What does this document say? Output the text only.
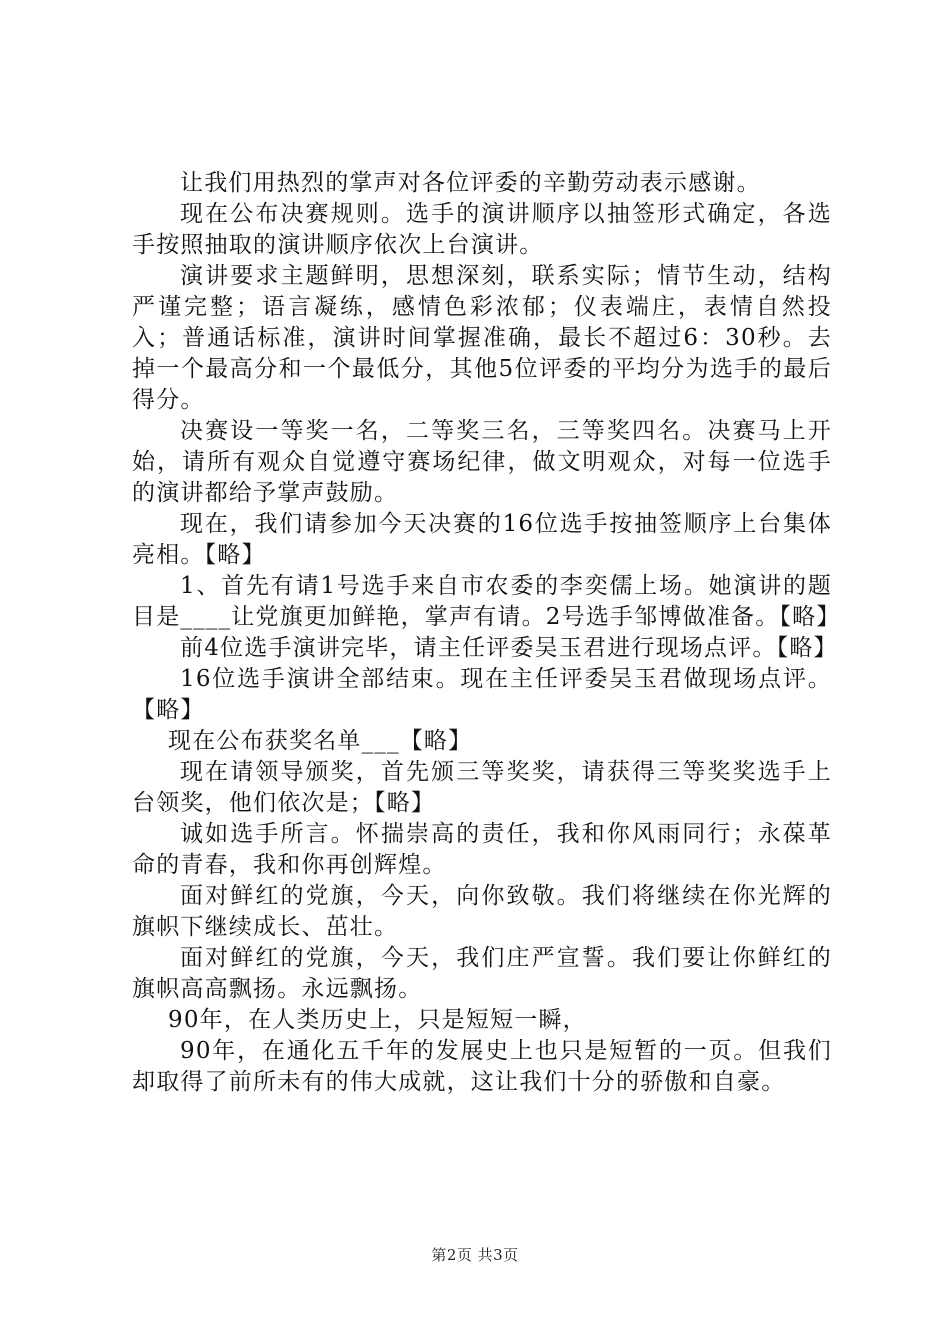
让我们用热烈的掌声对各位评委的辛勤劳动表示感谢。

现在公布决赛规则。选手的演讲顺序以抽签形式确定，各选手按照抽取的演讲顺序依次上台演讲。

演讲要求主题鲜明，思想深刻，联系实际；情节生动，结构严谨完整；语言凝练，感情色彩浓郁；仪表端庄，表情自然投入；普通话标准，演讲时间掌握准确，最长不超过6：30秒。去掉一个最高分和一个最低分，其他5位评委的平均分为选手的最后得分。

决赛设一等奖一名，二等奖三名，三等奖四名。决赛马上开始，请所有观众自觉遵守赛场纪律，做文明观众，对每一位选手的演讲都给予掌声鼓励。

现在，我们请参加今天决赛的16位选手按抽签顺序上台集体亮相。【略】

1、首先有请1号选手来自市农委的李奕儒上场。她演讲的题目是____让党旗更加鲜艳，掌声有请。2号选手邹博做准备。【略】

前4位选手演讲完毕，请主任评委吴玉君进行现场点评。【略】

16位选手演讲全部结束。现在主任评委吴玉君做现场点评。【略】

现在公布获奖名单___【略】

现在请领导颁奖，首先颁三等奖奖，请获得三等奖奖选手上台领奖，他们依次是；【略】

诚如选手所言。怀揣崇高的责任，我和你风雨同行；永葆革命的青春，我和你再创辉煌。

面对鲜红的党旗，今天，向你致敬。我们将继续在你光辉的旗帜下继续成长、茁壮。

面对鲜红的党旗，今天，我们庄严宣誓。我们要让你鲜红的旗帜高高飘扬。永远飘扬。

90年，在人类历史上，只是短短一瞬，

90年，在通化五千年的发展史上也只是短暂的一页。但我们却取得了前所未有的伟大成就，这让我们十分的骄傲和自豪。

第2页 共3页
